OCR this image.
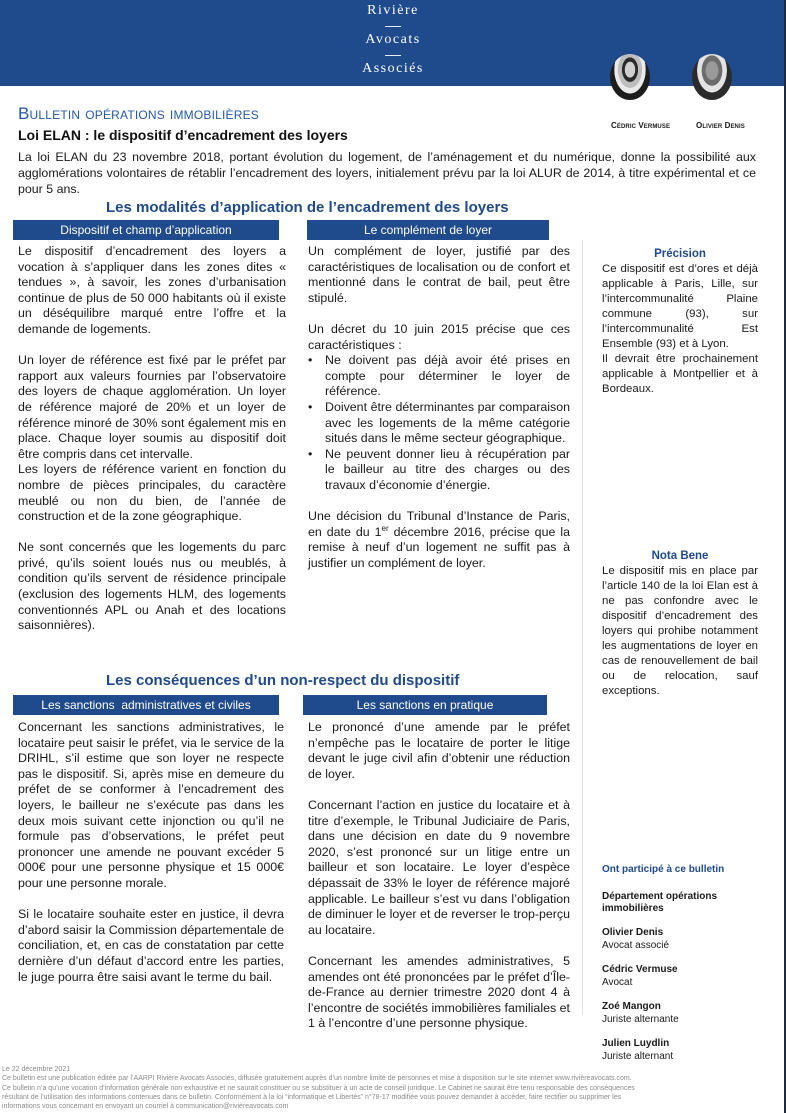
Rivière
Avocats
Associés
Cédric Vermuse	Olivier Denis
Bulletin opérations immobilières
Loi ELAN : le dispositif d’encadrement des loyers
La loi ELAN du 23 novembre 2018, portant évolution du logement, de l’aménagement et du numérique, donne la possibilité aux agglomérations volontaires de rétablir l’encadrement des loyers, initialement prévu par la loi ALUR de 2014, à titre expérimental et ce pour 5 ans.
Les modalités d’application de l’encadrement des loyers
Dispositif et champ d’application	Le complément de loyer

Le dispositif d’encadrement des loyers a vocation à s’appliquer dans les zones dites « tendues », à savoir, les zones d’urbanisation continue de plus de 50 000 habitants où il existe un déséquilibre marqué entre l’offre et la demande de logements.

Un loyer de référence est fixé par le préfet par rapport aux valeurs fournies par l’observatoire des loyers de chaque agglomération. Un loyer de référence majoré de 20% et un loyer de référence minoré de 30% sont également mis en place. Chaque loyer soumis au dispositif doit être compris dans cet intervalle.

Les loyers de référence varient en fonction du nombre de pièces principales, du caractère meublé ou non du bien, de l’année de construction et de la zone géographique.

Ne sont concernés que les logements du parc privé, qu’ils soient loués nus ou meublés, à condition qu’ils servent de résidence principale (exclusion des logements HLM, des logements conventionnés APL ou Anah et des locations saisonnières).

Un complément de loyer, justifié par des caractéristiques de localisation ou de confort et mentionné dans le contrat de bail, peut être stipulé.

Un décret du 10 juin 2015 précise que ces caractéristiques :

• Ne doivent pas déjà avoir été prises en compte pour déterminer le loyer de référence.
• Doivent être déterminantes par comparaison avec les logements de la même catégorie situés dans le même secteur géographique.
• Ne peuvent donner lieu à récupération par le bailleur au titre des charges ou des travaux d’économie d’énergie.

Une décision du Tribunal d’Instance de Paris, en date du 1er décembre 2016, précise que la remise à neuf d’un logement ne suffit pas à justifier un complément de loyer.

Les conséquences d’un non-respect du dispositif
Les sanctions  administratives et civiles	Les sanctions en pratique

Concernant les sanctions administratives, le locataire peut saisir le préfet, via le service de la DRIHL, s’il estime que son loyer ne respecte pas le dispositif. Si, après mise en demeure du préfet de se conformer à l’encadrement des loyers, le bailleur ne s’exécute pas dans les deux mois suivant cette injonction ou qu’il ne formule pas d’observations, le préfet peut prononcer une amende ne pouvant excéder 5 000€ pour une personne physique et 15 000€ pour une personne morale.

Si le locataire souhaite ester en justice, il devra d’abord saisir la Commission départementale de conciliation, et, en cas de constatation par cette dernière d’un défaut d’accord entre les parties, le juge pourra être saisi avant le terme du bail.

Le prononcé d’une amende par le préfet n’empêche pas le locataire de porter le litige devant le juge civil afin d’obtenir une réduction de loyer.

Concernant l’action en justice du locataire et à titre d’exemple, le Tribunal Judiciaire de Paris, dans une décision en date du 9 novembre 2020, s’est prononcé sur un litige entre un bailleur et son locataire. Le loyer d’espèce dépassait de 33% le loyer de référence majoré applicable. Le bailleur s’est vu dans l’obligation de diminuer le loyer et de reverser le trop-perçu au locataire.

Concernant les amendes administratives, 5 amendes ont été prononcées par le préfet d’Île-de-France au dernier trimestre 2020 dont 4 à l’encontre de sociétés immobilières familiales et 1 à l’encontre d’une personne physique.

Précision
Ce dispositif est d’ores et déjà applicable à Paris, Lille, sur l’intercommunalité Plaine commune (93), sur l’intercommunalité Est Ensemble (93) et à Lyon.
Il devrait être prochainement applicable à Montpellier et à Bordeaux.
Nota Bene
Le dispositif mis en place par l’article 140 de la loi Elan est à ne pas confondre avec le dispositif d’encadrement des loyers qui prohibe notamment les augmentations de loyer en cas de renouvellement de bail ou de relocation, sauf exceptions.
Ont participé à ce bulletin
Département opérations immobilières
Olivier Denis
Avocat associé
Cédric Vermuse
Avocat
Zoé Mangon
Juriste alternante
Julien Luydlin
Juriste alternant
Le 22 décembre 2021
Ce bulletin est une publication éditée par l’AARPI Rivière Avocats Associés, diffusée gratuitement auprès d’un nombre limité de personnes et mise à disposition sur le site internet www.rivièreavocats.com.
Ce bulletin n’a qu’une vocation d’information générale non exhaustive et ne saurait constituer ou se substituer à un acte de conseil juridique. Le Cabinet ne saurait être tenu responsable des conséquences
résultant de l’utilisation des informations contenues dans ce bulletin. Conformément à la loi “informatique et Libertés” n°78-17 modifiée vous pouvez demander à accéder, faire rectifier ou supprimer les
informations vous concernant en envoyant un courriel à communication@rivièreavocats.com
